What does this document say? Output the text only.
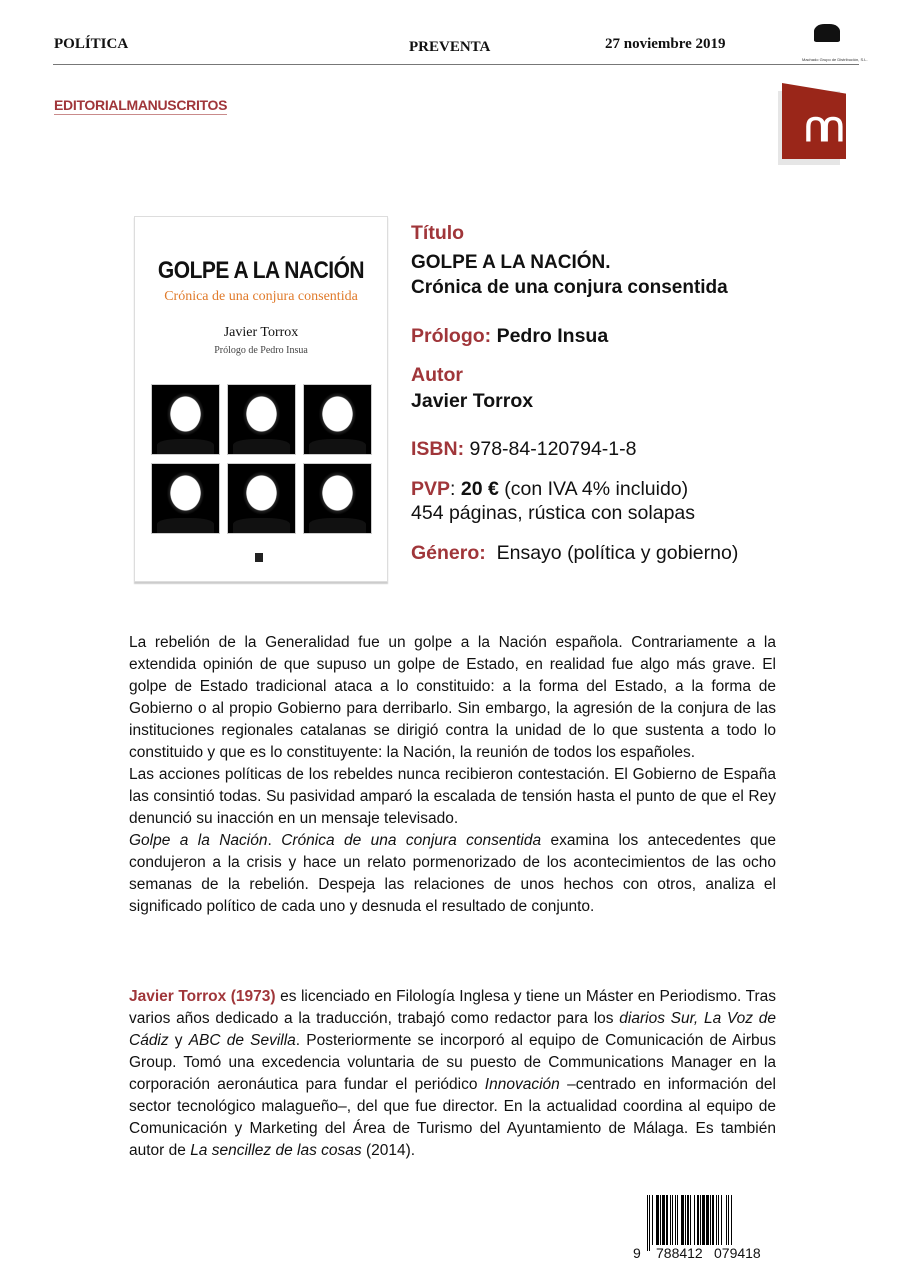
POLÍTICA	PREVENTA	27 noviembre 2019
Machado Grupo de Distribución, S.L.
EDITORIALMANUSCRITOS
ՈՈ
GOLPE A LA NACIÓN
Crónica de una conjura consentida
Javier Torrox
Prólogo de Pedro Insua
Título
GOLPE A LA NACIÓN.
Crónica de una conjura consentida
Prólogo: Pedro Insua
Autor
Javier Torrox
ISBN: 978-84-120794-1-8
PVP: 20 € (con IVA 4% incluido)
454 páginas, rústica con solapas
Género: Ensayo (política y gobierno)

La rebelión de la Generalidad fue un golpe a la Nación española. Contrariamente a la extendida opinión de que supuso un golpe de Estado, en realidad fue algo más grave. El golpe de Estado tradicional ataca a lo constituido: a la forma del Estado, a la forma de Gobierno o al propio Gobierno para derribarlo. Sin embargo, la agresión de la conjura de las instituciones regionales catalanas se dirigió contra la unidad de lo que sustenta a todo lo constituido y que es lo constituyente: la Nación, la reunión de todos los españoles.

Las acciones políticas de los rebeldes nunca recibieron contestación. El Gobierno de España las consintió todas. Su pasividad amparó la escalada de tensión hasta el punto de que el Rey denunció su inacción en un mensaje televisado.

Golpe a la Nación. Crónica de una conjura consentida examina los antecedentes que condujeron a la crisis y hace un relato pormenorizado de los acontecimientos de las ocho semanas de la rebelión. Despeja las relaciones de unos hechos con otros, analiza el significado político de cada uno y desnuda el resultado de conjunto.

Javier Torrox (1973) es licenciado en Filología Inglesa y tiene un Máster en Periodismo. Tras varios años dedicado a la traducción, trabajó como redactor para los diarios Sur, La Voz de Cádiz y ABC de Sevilla. Posteriormente se incorporó al equipo de Comunicación de Airbus Group. Tomó una excedencia voluntaria de su puesto de Communications Manager en la corporación aeronáutica para fundar el periódico Innovación –centrado en información del sector tecnológico malagueño–, del que fue director. En la actualidad coordina al equipo de Comunicación y Marketing del Área de Turismo del Ayuntamiento de Málaga. Es también autor de La sencillez de las cosas (2014).

9 788412 079418
